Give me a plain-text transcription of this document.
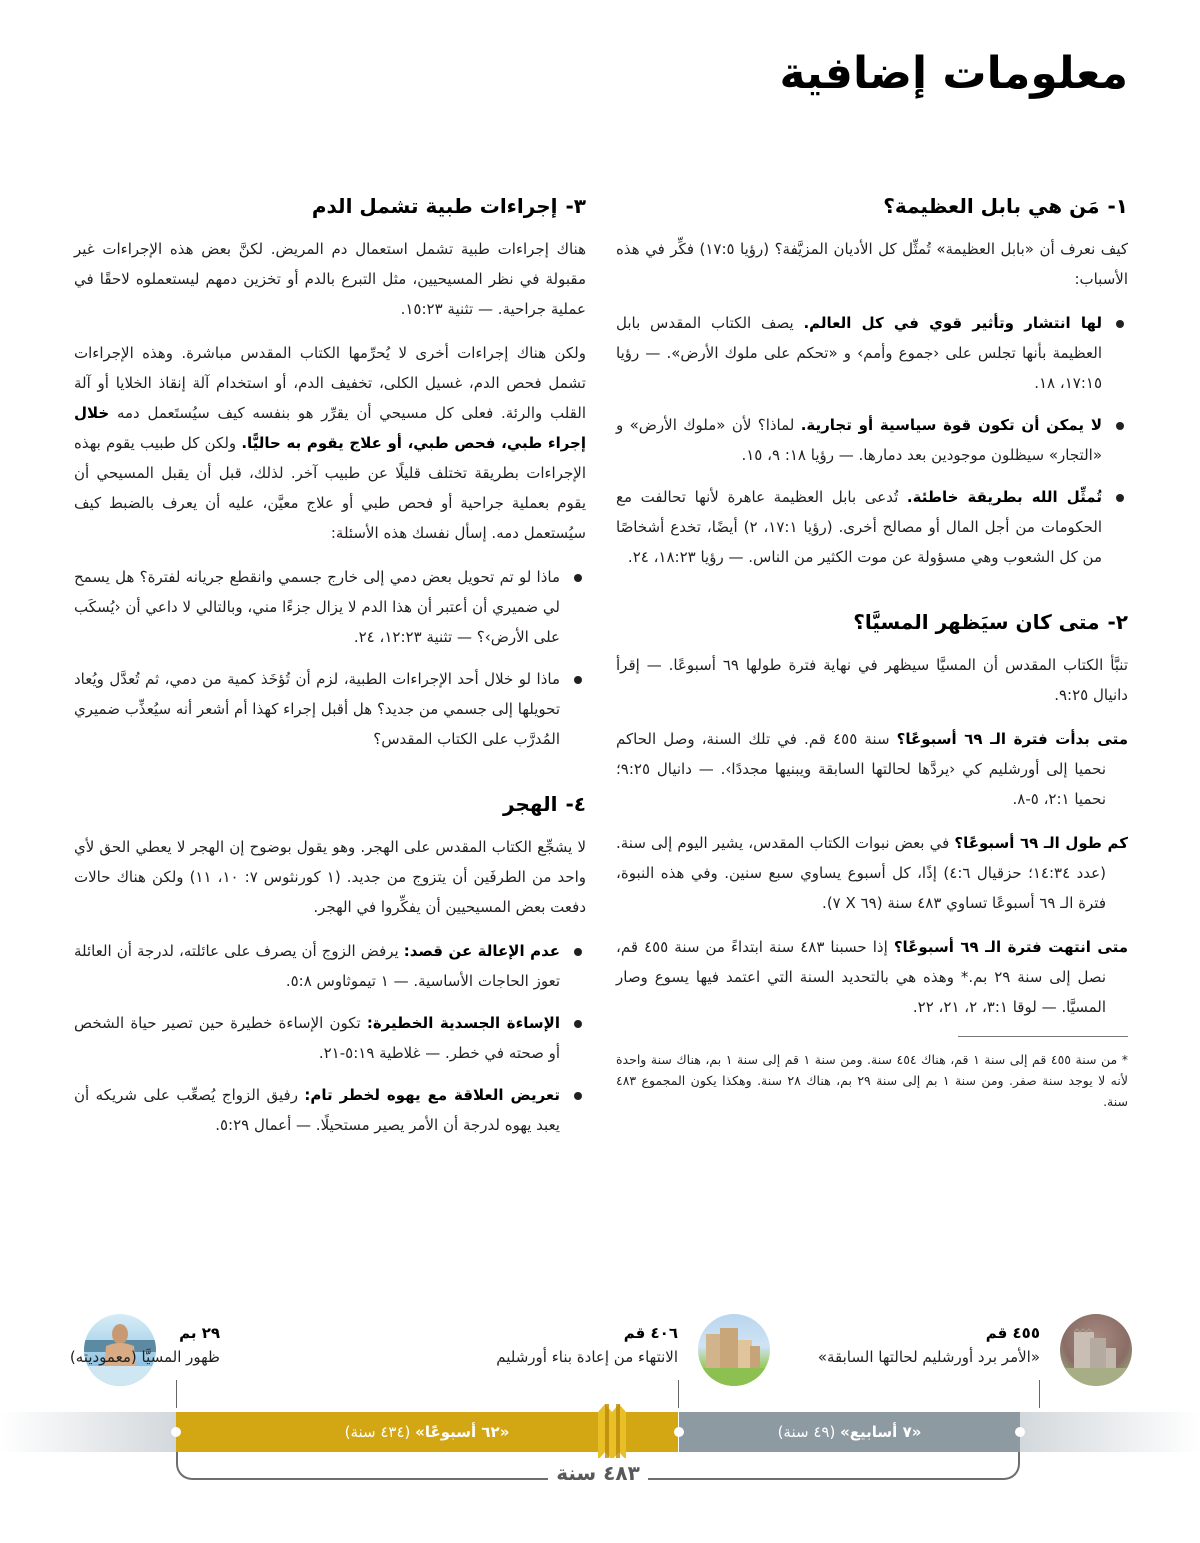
معلومات إضافية
١-مَن هي بابل العظيمة؟

كيف نعرف أن «بابل العظيمة» تُمثِّل كل الأديان المزيَّفة؟ (رؤيا ١٧:٥) فكِّر في هذه الأسباب:

لها انتشار وتأثير قوي في كل العالم. يصف الكتاب المقدس بابل العظيمة بأنها تجلس على ‹جموع وأمم› و «تحكم على ملوك الأرض». — رؤيا ١٧:١٥، ١٨.
لا يمكن أن تكون قوة سياسية أو تجارية. لماذا؟ لأن «ملوك الأرض» و «التجار» سيظلون موجودين بعد دمارها. — رؤيا ١٨: ٩، ١٥.
تُمثِّل الله بطريقة خاطئة. تُدعى بابل العظيمة عاهرة لأنها تحالفت مع الحكومات من أجل المال أو مصالح أخرى. (رؤيا ١٧:١، ٢) أيضًا، تخدع أشخاصًا من كل الشعوب وهي مسؤولة عن موت الكثير من الناس. — رؤيا ١٨:٢٣، ٢٤.
٢-متى كان سيَظهر المسيَّا؟

تنبَّأ الكتاب المقدس أن المسيَّا سيظهر في نهاية فترة طولها ٦٩ أسبوعًا. — إقرأ دانيال ٩:٢٥.

متى بدأت فترة الـ ٦٩ أسبوعًا؟ سنة ٤٥٥ قم. في تلك السنة، وصل الحاكم نحميا إلى أورشليم كي ‹يردَّها لحالتها السابقة ويبنيها مجددًا›. — دانيال ٩:٢٥؛ نحميا ٢:١، ٥-٨.

كم طول الـ ٦٩ أسبوعًا؟ في بعض نبوات الكتاب المقدس، يشير اليوم إلى سنة. (عدد ١٤:٣٤؛ حزقيال ٤:٦) إذًا، كل أسبوع يساوي سبع سنين. وفي هذه النبوة، فترة الـ ٦٩ أسبوعًا تساوي ٤٨٣ سنة (٦٩ X ٧).

متى انتهت فترة الـ ٦٩ أسبوعًا؟ إذا حسبنا ٤٨٣ سنة ابتداءً من سنة ٤٥٥ قم، نصل إلى سنة ٢٩ بم.* وهذه هي بالتحديد السنة التي اعتمد فيها يسوع وصار المسيَّا. — لوقا ٣:١، ٢، ٢١، ٢٢.

* من سنة ٤٥٥ قم إلى سنة ١ قم، هناك ٤٥٤ سنة. ومن سنة ١ قم إلى سنة ١ بم، هناك سنة واحدة لأنه لا يوجد سنة صفر. ومن سنة ١ بم إلى سنة ٢٩ بم، هناك ٢٨ سنة. وهكذا يكون المجموع ٤٨٣ سنة.

٣-إجراءات طبية تشمل الدم

هناك إجراءات طبية تشمل استعمال دم المريض. لكنَّ بعض هذه الإجراءات غير مقبولة في نظر المسيحيين، مثل التبرع بالدم أو تخزين دمهم ليستعملوه لاحقًا في عملية جراحية. — تثنية ١٥:٢٣.

ولكن هناك إجراءات أخرى لا يُحرِّمها الكتاب المقدس مباشرة. وهذه الإجراءات تشمل فحص الدم، غسيل الكلى، تخفيف الدم، أو استخدام آلة إنقاذ الخلايا أو آلة القلب والرئة. فعلى كل مسيحي أن يقرِّر هو بنفسه كيف سيُستَعمل دمه خلال إجراء طبي، فحص طبي، أو علاج يقوم به حاليًّا. ولكن كل طبيب يقوم بهذه الإجراءات بطريقة تختلف قليلًا عن طبيب آخر. لذلك، قبل أن يقبل المسيحي أن يقوم بعملية جراحية أو فحص طبي أو علاج معيَّن، عليه أن يعرف بالضبط كيف سيُستعمل دمه. إسأل نفسك هذه الأسئلة:

ماذا لو تم تحويل بعض دمي إلى خارج جسمي وانقطع جريانه لفترة؟ هل يسمح لي ضميري أن أعتبر أن هذا الدم لا يزال جزءًا مني، وبالتالي لا داعي أن ‹يُسكَب على الأرض›؟ — تثنية ١٢:٢٣، ٢٤.
ماذا لو خلال أحد الإجراءات الطبية، لزم أن تُؤخَذ كمية من دمي، ثم تُعدَّل ويُعاد تحويلها إلى جسمي من جديد؟ هل أقبل إجراء كهذا أم أشعر أنه سيُعذِّب ضميري المُدرَّب على الكتاب المقدس؟
٤-الهجر

لا يشجِّع الكتاب المقدس على الهجر. وهو يقول بوضوح إن الهجر لا يعطي الحق لأي واحد من الطرفَين أن يتزوج من جديد. (١ كورنثوس ٧: ١٠، ١١) ولكن هناك حالات دفعت بعض المسيحيين أن يفكِّروا في الهجر.

عدم الإعالة عن قصد: يرفض الزوج أن يصرف على عائلته، لدرجة أن العائلة تعوز الحاجات الأساسية. — ١ تيموثاوس ٥:٨.
الإساءة الجسدية الخطيرة: تكون الإساءة خطيرة حين تصير حياة الشخص أو صحته في خطر. — غلاطية ٥:١٩-٢١.
تعريض العلاقة مع يهوه لخطر تام: رفيق الزواج يُصعِّب على شريكه أن يعبد يهوه لدرجة أن الأمر يصير مستحيلًا. — أعمال ٥:٢٩.
٤٥٥ قم
«الأمر برد أورشليم لحالتها السابقة»
٤٠٦ قم
الانتهاء من إعادة بناء أورشليم
٢٩ بم
ظهور المسيَّا (معموديته)
«٧ أسابيع» (٤٩ سنة)
«٦٢ أسبوعًا» (٤٣٤ سنة)
٤٨٣ سنة
